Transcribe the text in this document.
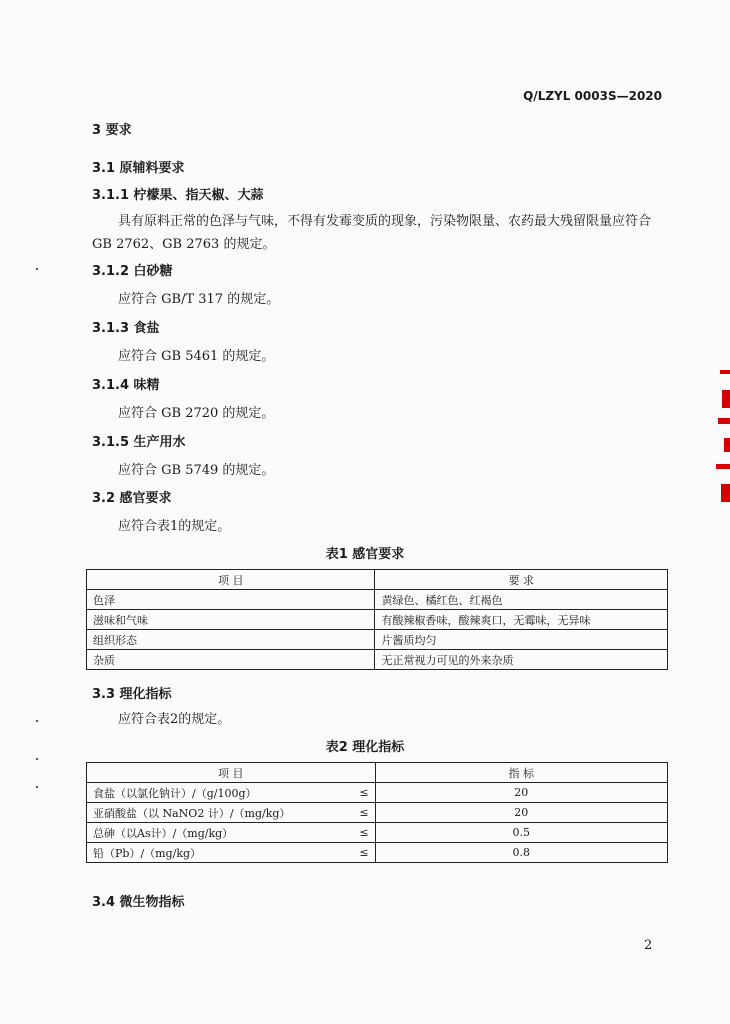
Q/LZYL 0003S—2020
3 要求
3.1 原辅料要求
3.1.1 柠檬果、指天椒、大蒜
具有原料正常的色泽与气味，不得有发霉变质的现象，污染物限量、农药最大残留限量应符合
GB 2762、GB 2763 的规定。
3.1.2 白砂糖
应符合 GB/T 317 的规定。
3.1.3 食盐
应符合 GB 5461 的规定。
3.1.4 味精
应符合 GB 2720 的规定。
3.1.5 生产用水
应符合 GB 5749 的规定。
3.2 感官要求
应符合表1的规定。
表1 感官要求
项 目	要 求
色泽	黄绿色、橘红色、红褐色
滋味和气味	有酸辣椒香味，酸辣爽口，无霉味，无异味
组织形态	片酱质均匀
杂质	无正常视力可见的外来杂质
3.3 理化指标
应符合表2的规定。
表2 理化指标
项 目		指 标
食盐（以氯化钠计）/（g/100g）	≤	20
亚硝酸盐（以 NaNO2 计）/（mg/kg）	≤	20
总砷（以As计）/（mg/kg）	≤	0.5
铅（Pb）/（mg/kg）	≤	0.8
3.4 微生物指标
2
